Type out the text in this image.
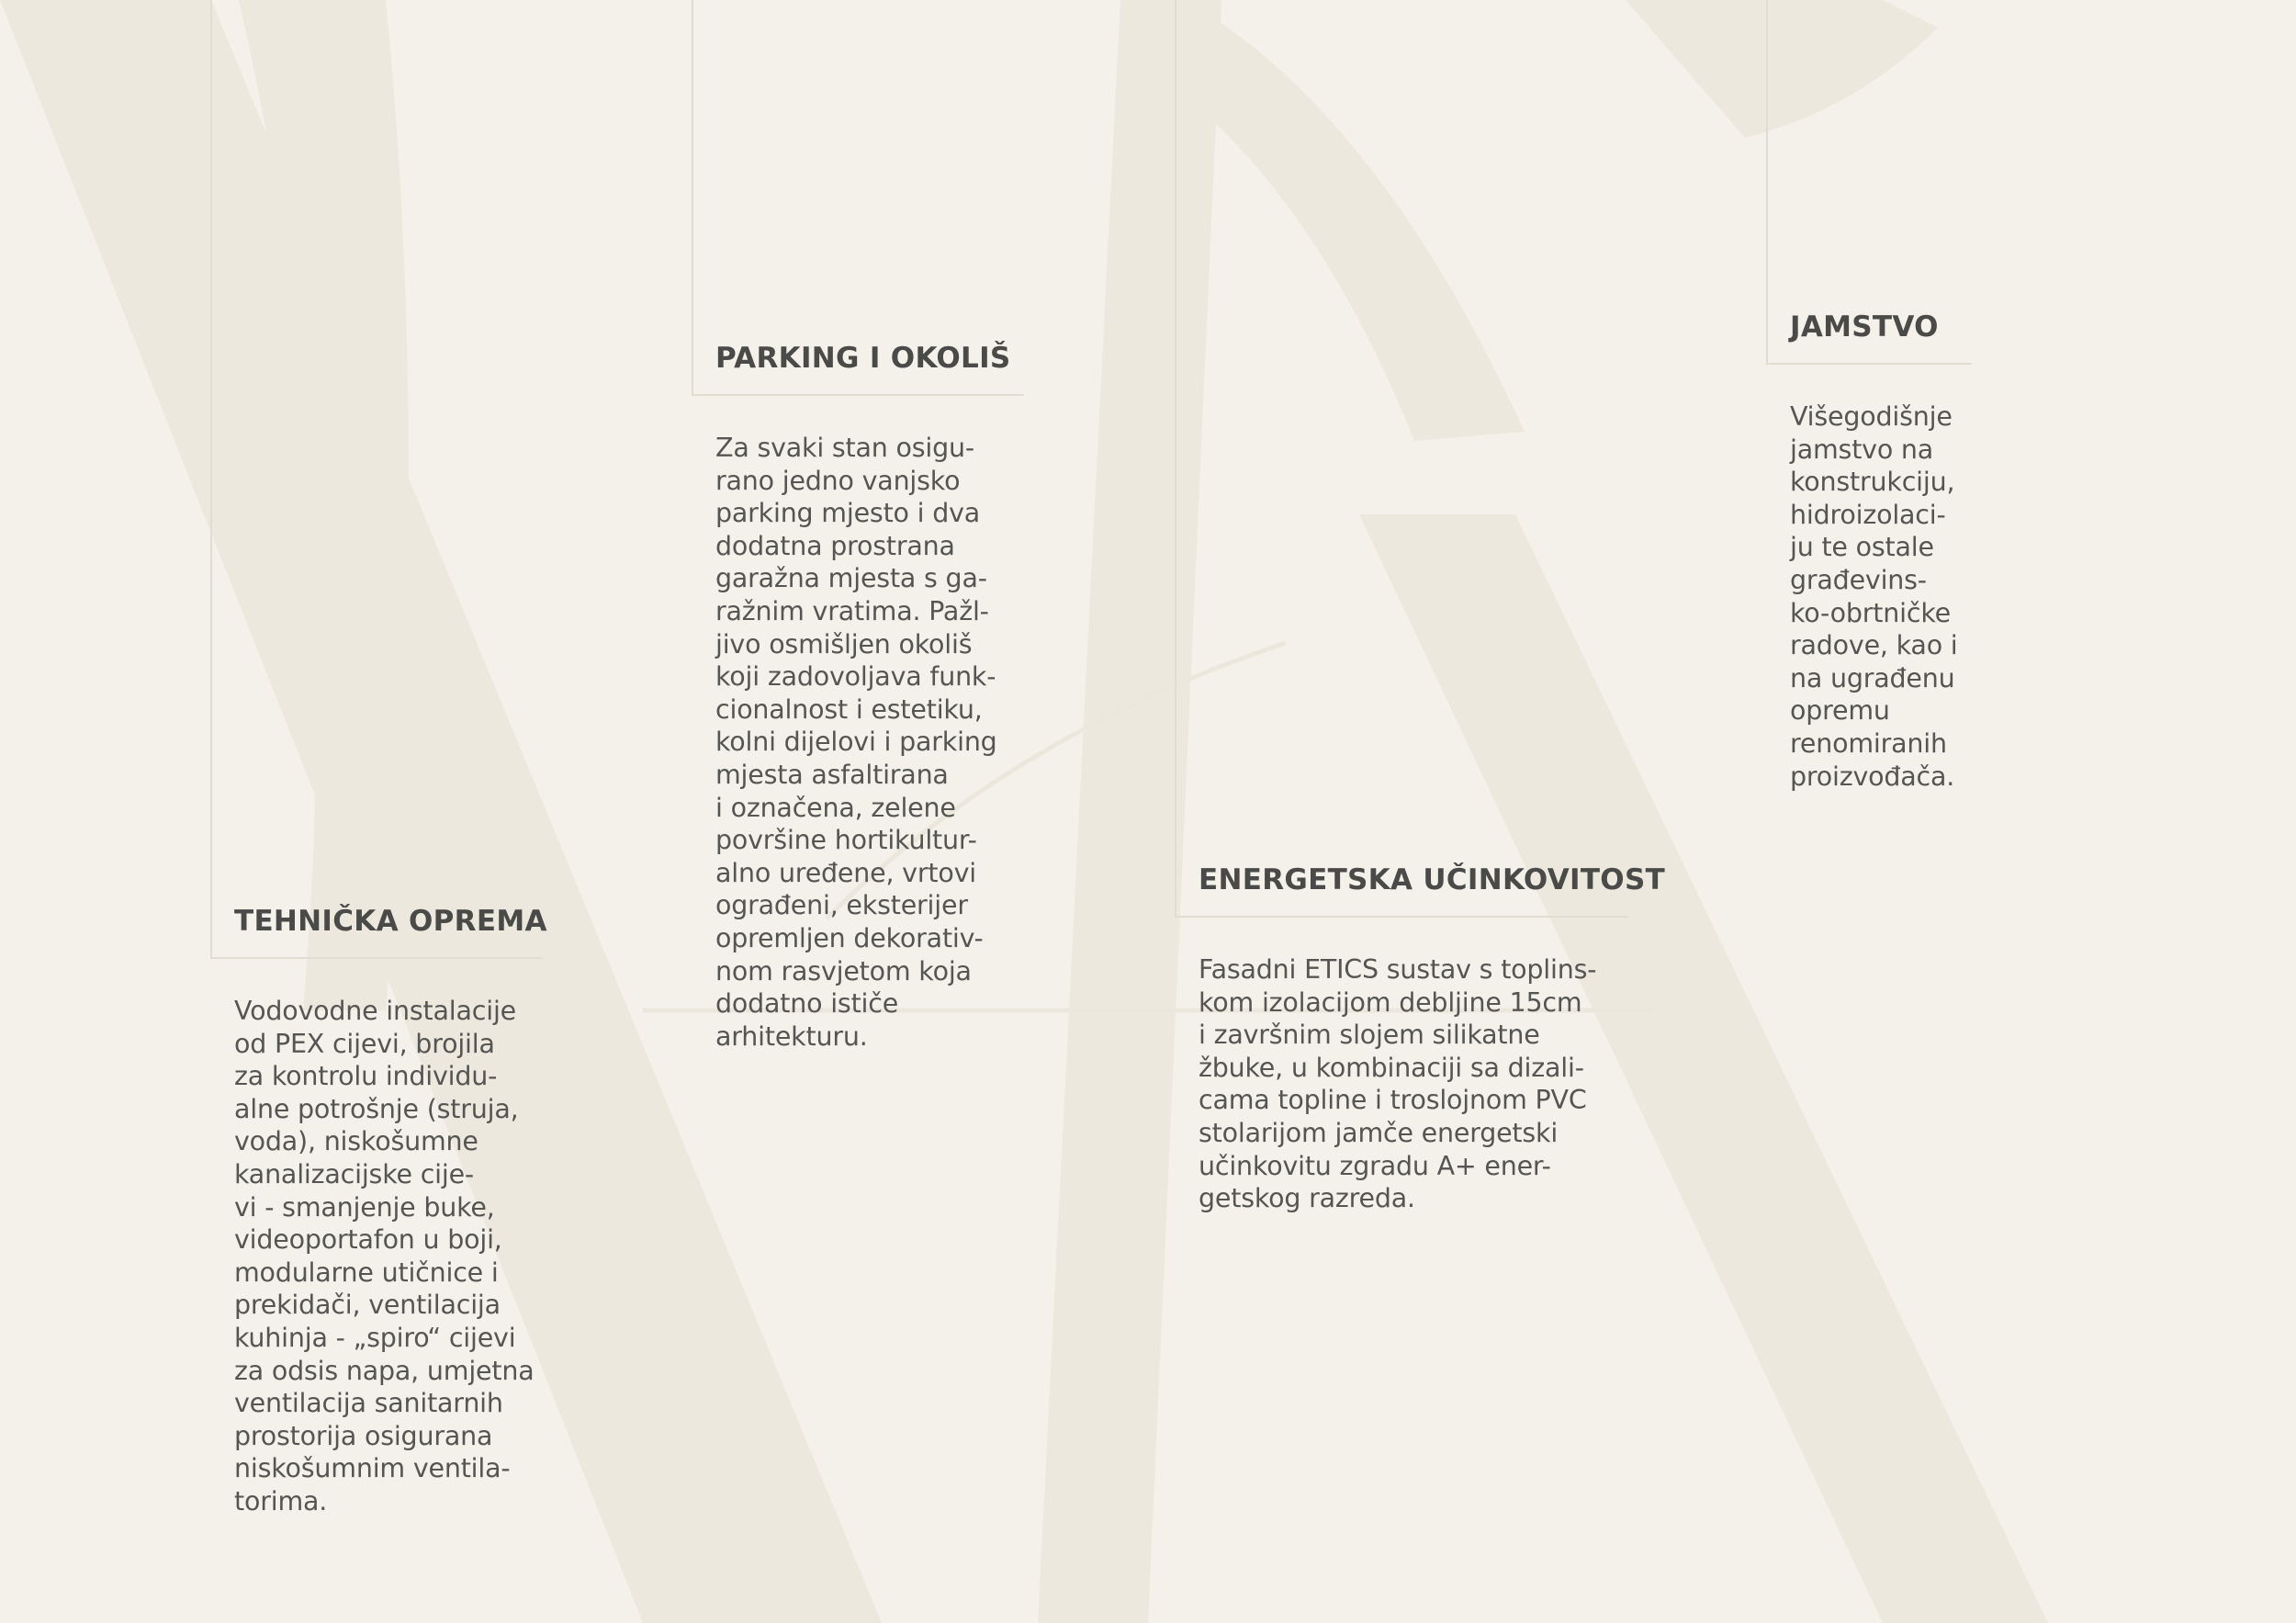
TEHNIČKA OPREMA
Vodovodne instalacije
od PEX cijevi, brojila
za kontrolu individu-
alne potrošnje (struja,
voda), niskošumne
kanalizacijske cije-
vi - smanjenje buke,
videoportafon u boji,
modularne utičnice i
prekidači, ventilacija
kuhinja - „spiro“ cijevi
za odsis napa, umjetna
ventilacija sanitarnih
prostorija osigurana
niskošumnim ventila-
torima.
PARKING I OKOLIŠ
Za svaki stan osigu-
rano jedno vanjsko
parking mjesto i dva
dodatna prostrana
garažna mjesta s ga-
ražnim vratima. Pažl-
jivo osmišljen okoliš
koji zadovoljava funk-
cionalnost i estetiku,
kolni dijelovi i parking
mjesta asfaltirana
i označena, zelene
površine hortikultur-
alno uređene, vrtovi
ograđeni, eksterijer
opremljen dekorativ-
nom rasvjetom koja
dodatno ističe
arhitekturu.
ENERGETSKA UČINKOVITOST
Fasadni ETICS sustav s toplins-
kom izolacijom debljine 15cm
i završnim slojem silikatne
žbuke, u kombinaciji sa dizali-
cama topline i troslojnom PVC
stolarijom jamče energetski
učinkovitu zgradu A+ ener-
getskog razreda.
JAMSTVO
Višegodišnje
jamstvo na
konstrukciju,
hidroizolaci-
ju te ostale
građevins-
ko-obrtničke
radove, kao i
na ugrađenu
opremu
renomiranih
proizvođača.
